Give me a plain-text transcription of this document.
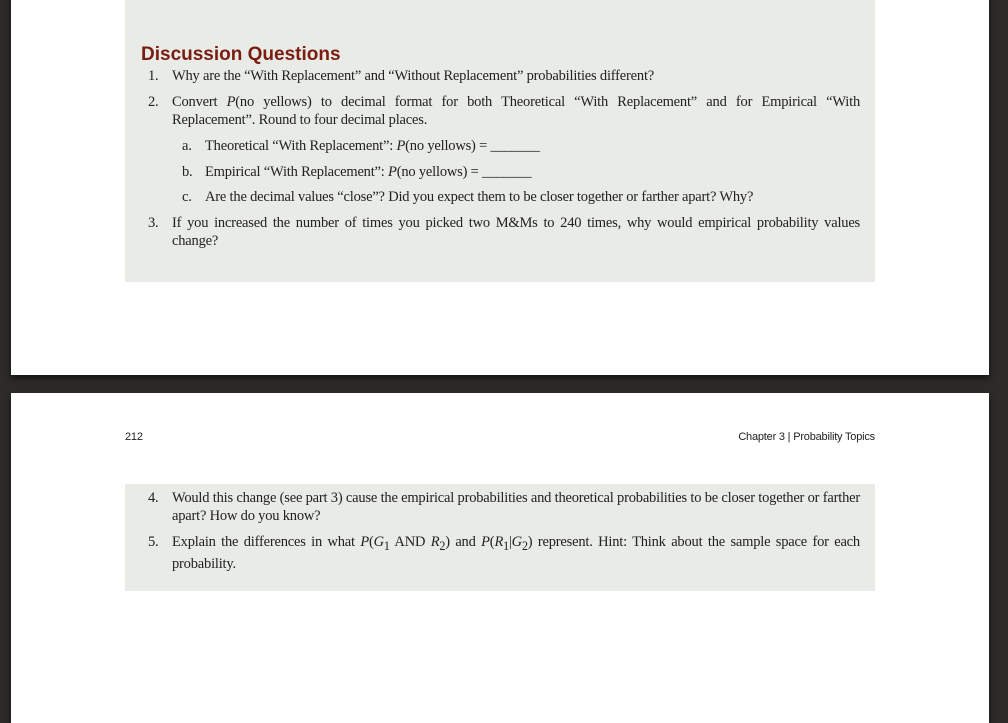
Discussion Questions
1. Why are the “With Replacement” and “Without Replacement” probabilities different?
2. Convert P(no yellows) to decimal format for both Theoretical “With Replacement” and for Empirical “With Replacement”. Round to four decimal places.
a. Theoretical “With Replacement”: P(no yellows) = _______
b. Empirical “With Replacement”: P(no yellows) = _______
c. Are the decimal values “close”? Did you expect them to be closer together or farther apart? Why?
3. If you increased the number of times you picked two M&Ms to 240 times, why would empirical probability values change?
212	Chapter 3 | Probability Topics
4. Would this change (see part 3) cause the empirical probabilities and theoretical probabilities to be closer together or farther apart? How do you know?
5. Explain the differences in what $P(G_1$ AND $R_2$) and $P(R_1|G_2)$ represent. Hint: Think about the sample space for each probability.
